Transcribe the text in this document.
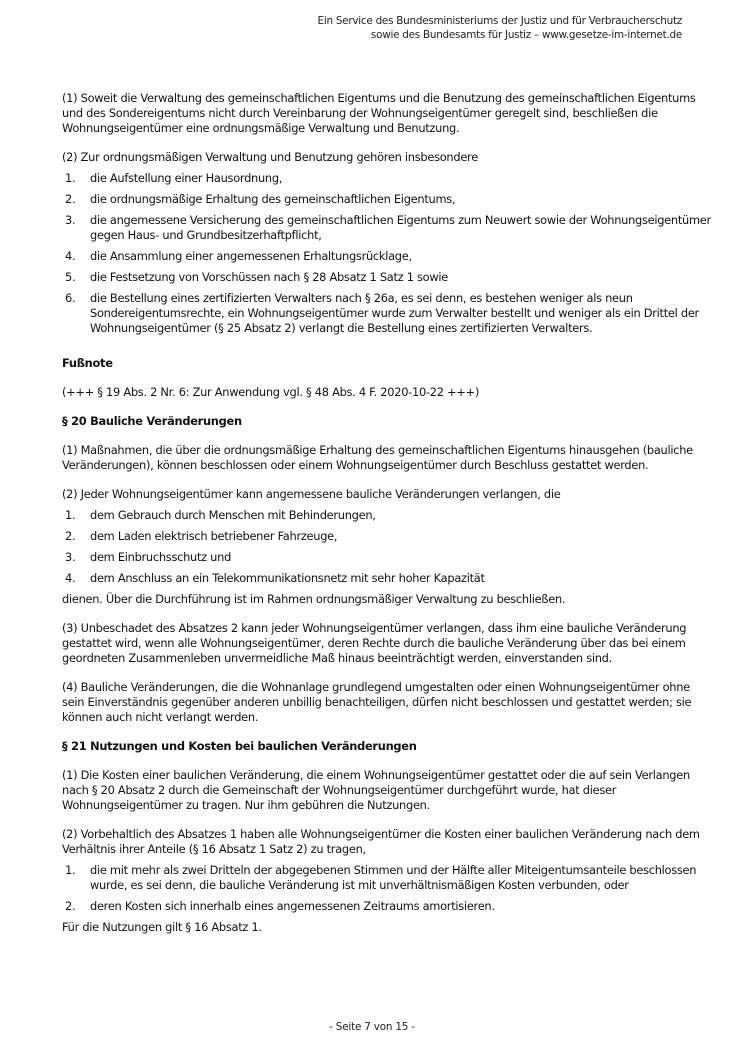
Ein Service des Bundesministeriums der Justiz und für Verbraucherschutz
sowie des Bundesamts für Justiz – www.gesetze-im-internet.de

(1) Soweit die Verwaltung des gemeinschaftlichen Eigentums und die Benutzung des gemeinschaftlichen Eigentums und des Sondereigentums nicht durch Vereinbarung der Wohnungseigentümer geregelt sind, beschließen die Wohnungseigentümer eine ordnungsmäßige Verwaltung und Benutzung.

(2) Zur ordnungsmäßigen Verwaltung und Benutzung gehören insbesondere

1. die Aufstellung einer Hausordnung,
2. die ordnungsmäßige Erhaltung des gemeinschaftlichen Eigentums,
3. die angemessene Versicherung des gemeinschaftlichen Eigentums zum Neuwert sowie der Wohnungseigentümer gegen Haus- und Grundbesitzerhaftpflicht,
4. die Ansammlung einer angemessenen Erhaltungsrücklage,
5. die Festsetzung von Vorschüssen nach § 28 Absatz 1 Satz 1 sowie
6. die Bestellung eines zertifizierten Verwalters nach § 26a, es sei denn, es bestehen weniger als neun Sondereigentumsrechte, ein Wohnungseigentümer wurde zum Verwalter bestellt und weniger als ein Drittel der Wohnungseigentümer (§ 25 Absatz 2) verlangt die Bestellung eines zertifizierten Verwalters.
Fußnote

(+++ § 19 Abs. 2 Nr. 6: Zur Anwendung vgl. § 48 Abs. 4 F. 2020-10-22 +++)

§ 20 Bauliche Veränderungen

(1) Maßnahmen, die über die ordnungsmäßige Erhaltung des gemeinschaftlichen Eigentums hinausgehen (bauliche Veränderungen), können beschlossen oder einem Wohnungseigentümer durch Beschluss gestattet werden.

(2) Jeder Wohnungseigentümer kann angemessene bauliche Veränderungen verlangen, die

1. dem Gebrauch durch Menschen mit Behinderungen,
2. dem Laden elektrisch betriebener Fahrzeuge,
3. dem Einbruchsschutz und
4. dem Anschluss an ein Telekommunikationsnetz mit sehr hoher Kapazität

dienen. Über die Durchführung ist im Rahmen ordnungsmäßiger Verwaltung zu beschließen.

(3) Unbeschadet des Absatzes 2 kann jeder Wohnungseigentümer verlangen, dass ihm eine bauliche Veränderung gestattet wird, wenn alle Wohnungseigentümer, deren Rechte durch die bauliche Veränderung über das bei einem geordneten Zusammenleben unvermeidliche Maß hinaus beeinträchtigt werden, einverstanden sind.

(4) Bauliche Veränderungen, die die Wohnanlage grundlegend umgestalten oder einen Wohnungseigentümer ohne sein Einverständnis gegenüber anderen unbillig benachteiligen, dürfen nicht beschlossen und gestattet werden; sie können auch nicht verlangt werden.

§ 21 Nutzungen und Kosten bei baulichen Veränderungen

(1) Die Kosten einer baulichen Veränderung, die einem Wohnungseigentümer gestattet oder die auf sein Verlangen nach § 20 Absatz 2 durch die Gemeinschaft der Wohnungseigentümer durchgeführt wurde, hat dieser Wohnungseigentümer zu tragen. Nur ihm gebühren die Nutzungen.

(2) Vorbehaltlich des Absatzes 1 haben alle Wohnungseigentümer die Kosten einer baulichen Veränderung nach dem Verhältnis ihrer Anteile (§ 16 Absatz 1 Satz 2) zu tragen,

1. die mit mehr als zwei Dritteln der abgegebenen Stimmen und der Hälfte aller Miteigentumsanteile beschlossen wurde, es sei denn, die bauliche Veränderung ist mit unverhältnismäßigen Kosten verbunden, oder
2. deren Kosten sich innerhalb eines angemessenen Zeitraums amortisieren.

Für die Nutzungen gilt § 16 Absatz 1.

- Seite 7 von 15 -
